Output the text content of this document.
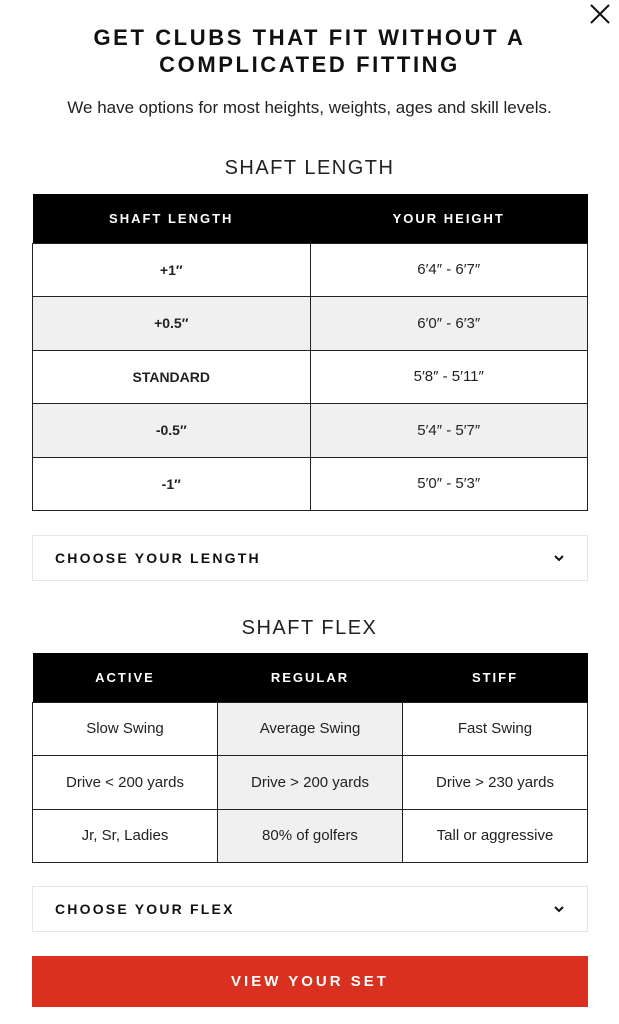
GET CLUBS THAT FIT WITHOUT A COMPLICATED FITTING
We have options for most heights, weights, ages and skill levels.
SHAFT LENGTH
SHAFT LENGTH	YOUR HEIGHT
+1″	6′4″ - 6′7″
+0.5″	6′0″ - 6′3″
STANDARD	5′8″ - 5′11″
-0.5″	5′4″ - 5′7″
-1″	5′0″ - 5′3″
CHOOSE YOUR LENGTH
SHAFT FLEX
ACTIVE	REGULAR	STIFF
Slow Swing	Average Swing	Fast Swing
Drive < 200 yards	Drive > 200 yards	Drive > 230 yards
Jr, Sr, Ladies	80% of golfers	Tall or aggressive
CHOOSE YOUR FLEX
VIEW YOUR SET
